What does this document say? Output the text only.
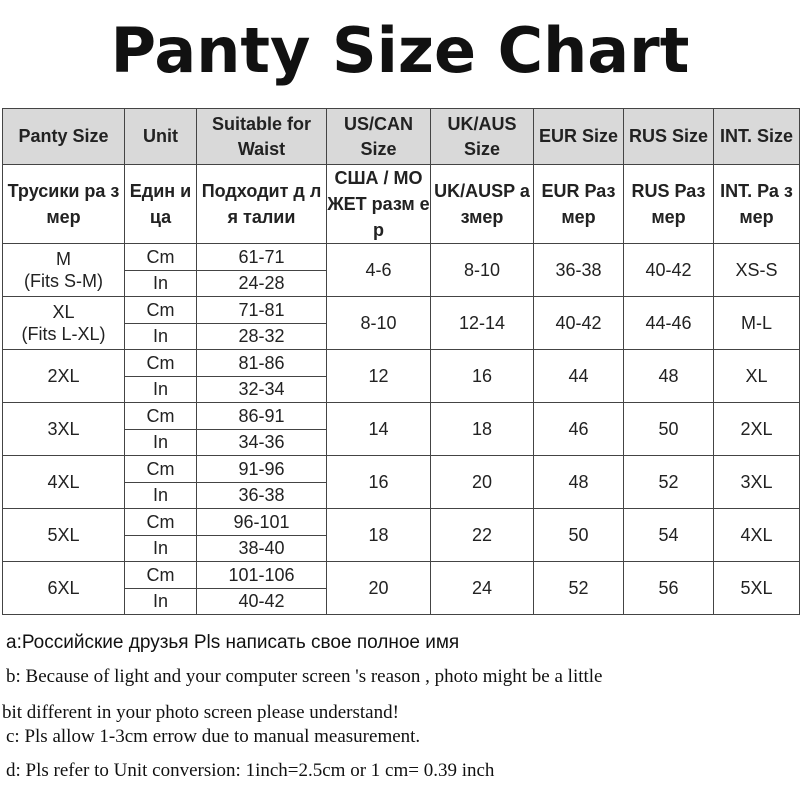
Panty Size Chart
Panty Size	Unit	Suitable for Waist	US/CAN Size	UK/AUS Size	EUR Size	RUS Size	INT. Size
Трусики ра змер	Един ица	Подходит д ля талии	США / МО ЖЕТ разм ер	UK/AUSP азмер	EUR Раз мер	RUS Раз мер	INT. Ра змер

M
(Fits S-M)	Cm	61-71	4-6	8-10	36-38	40-42	XS-S
	In	24-28					

XL
(Fits L-XL)	Cm	71-81	8-10	12-14	40-42	44-46	M-L
	In	28-32					

2XL	Cm	81-86	12	16	44	48	XL
	In	32-34					

3XL	Cm	86-91	14	18	46	50	2XL
	In	34-36					

4XL	Cm	91-96	16	20	48	52	3XL
	In	36-38					

5XL	Cm	96-101	18	22	50	54	4XL
	In	38-40					

6XL	Cm	101-106	20	24	52	56	5XL
	In	40-42					
a:Российские друзья Pls написать свое полное имя
b: Because of light and your computer screen 's reason , photo might be a little
bit different in your photo screen please understand!
c: Pls allow 1-3cm errow due to manual measurement.
d: Pls refer to Unit conversion: 1inch=2.5cm or 1 cm= 0.39 inch
